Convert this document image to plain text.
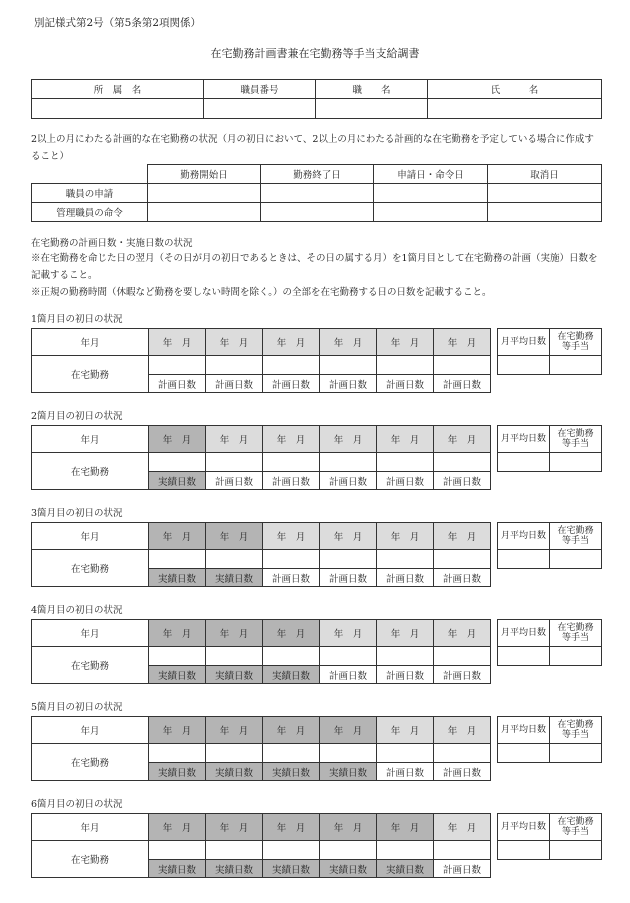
別記様式第2号（第5条第2項関係）
在宅勤務計画書兼在宅勤務等手当支給調書
所　属　名	職員番号	職　　名	氏　　　名

2以上の月にわたる計画的な在宅勤務の状況（月の初日において、2以上の月にわたる計画的な在宅勤務を予定している場合に作成すること）
	勤務開始日	勤務終了日	申請日・命令日	取消日
職員の申請				
管理職員の命令				
在宅勤務の計画日数・実施日数の状況
※在宅勤務を命じた日の翌月（その日が月の初日であるときは、その日の属する月）を1箇月目として在宅勤務の計画（実施）日数を記載すること。
※正規の勤務時間（休暇など勤務を要しない時間を除く。）の全部を在宅勤務する日の日数を記載すること。
1箇月目の初日の状況
年月	年　月	年　月	年　月	年　月	年　月	年　月
在宅勤務						
	計画日数	計画日数	計画日数	計画日数	計画日数	計画日数
月平均日数	在宅勤務
等手当

2箇月目の初日の状況
年月	年　月	年　月	年　月	年　月	年　月	年　月
在宅勤務						
	実績日数	計画日数	計画日数	計画日数	計画日数	計画日数
月平均日数	在宅勤務
等手当

3箇月目の初日の状況
年月	年　月	年　月	年　月	年　月	年　月	年　月
在宅勤務						
	実績日数	実績日数	計画日数	計画日数	計画日数	計画日数
月平均日数	在宅勤務
等手当

4箇月目の初日の状況
年月	年　月	年　月	年　月	年　月	年　月	年　月
在宅勤務						
	実績日数	実績日数	実績日数	計画日数	計画日数	計画日数
月平均日数	在宅勤務
等手当

5箇月目の初日の状況
年月	年　月	年　月	年　月	年　月	年　月	年　月
在宅勤務						
	実績日数	実績日数	実績日数	実績日数	計画日数	計画日数
月平均日数	在宅勤務
等手当

6箇月目の初日の状況
年月	年　月	年　月	年　月	年　月	年　月	年　月
在宅勤務						
	実績日数	実績日数	実績日数	実績日数	実績日数	計画日数
月平均日数	在宅勤務
等手当
